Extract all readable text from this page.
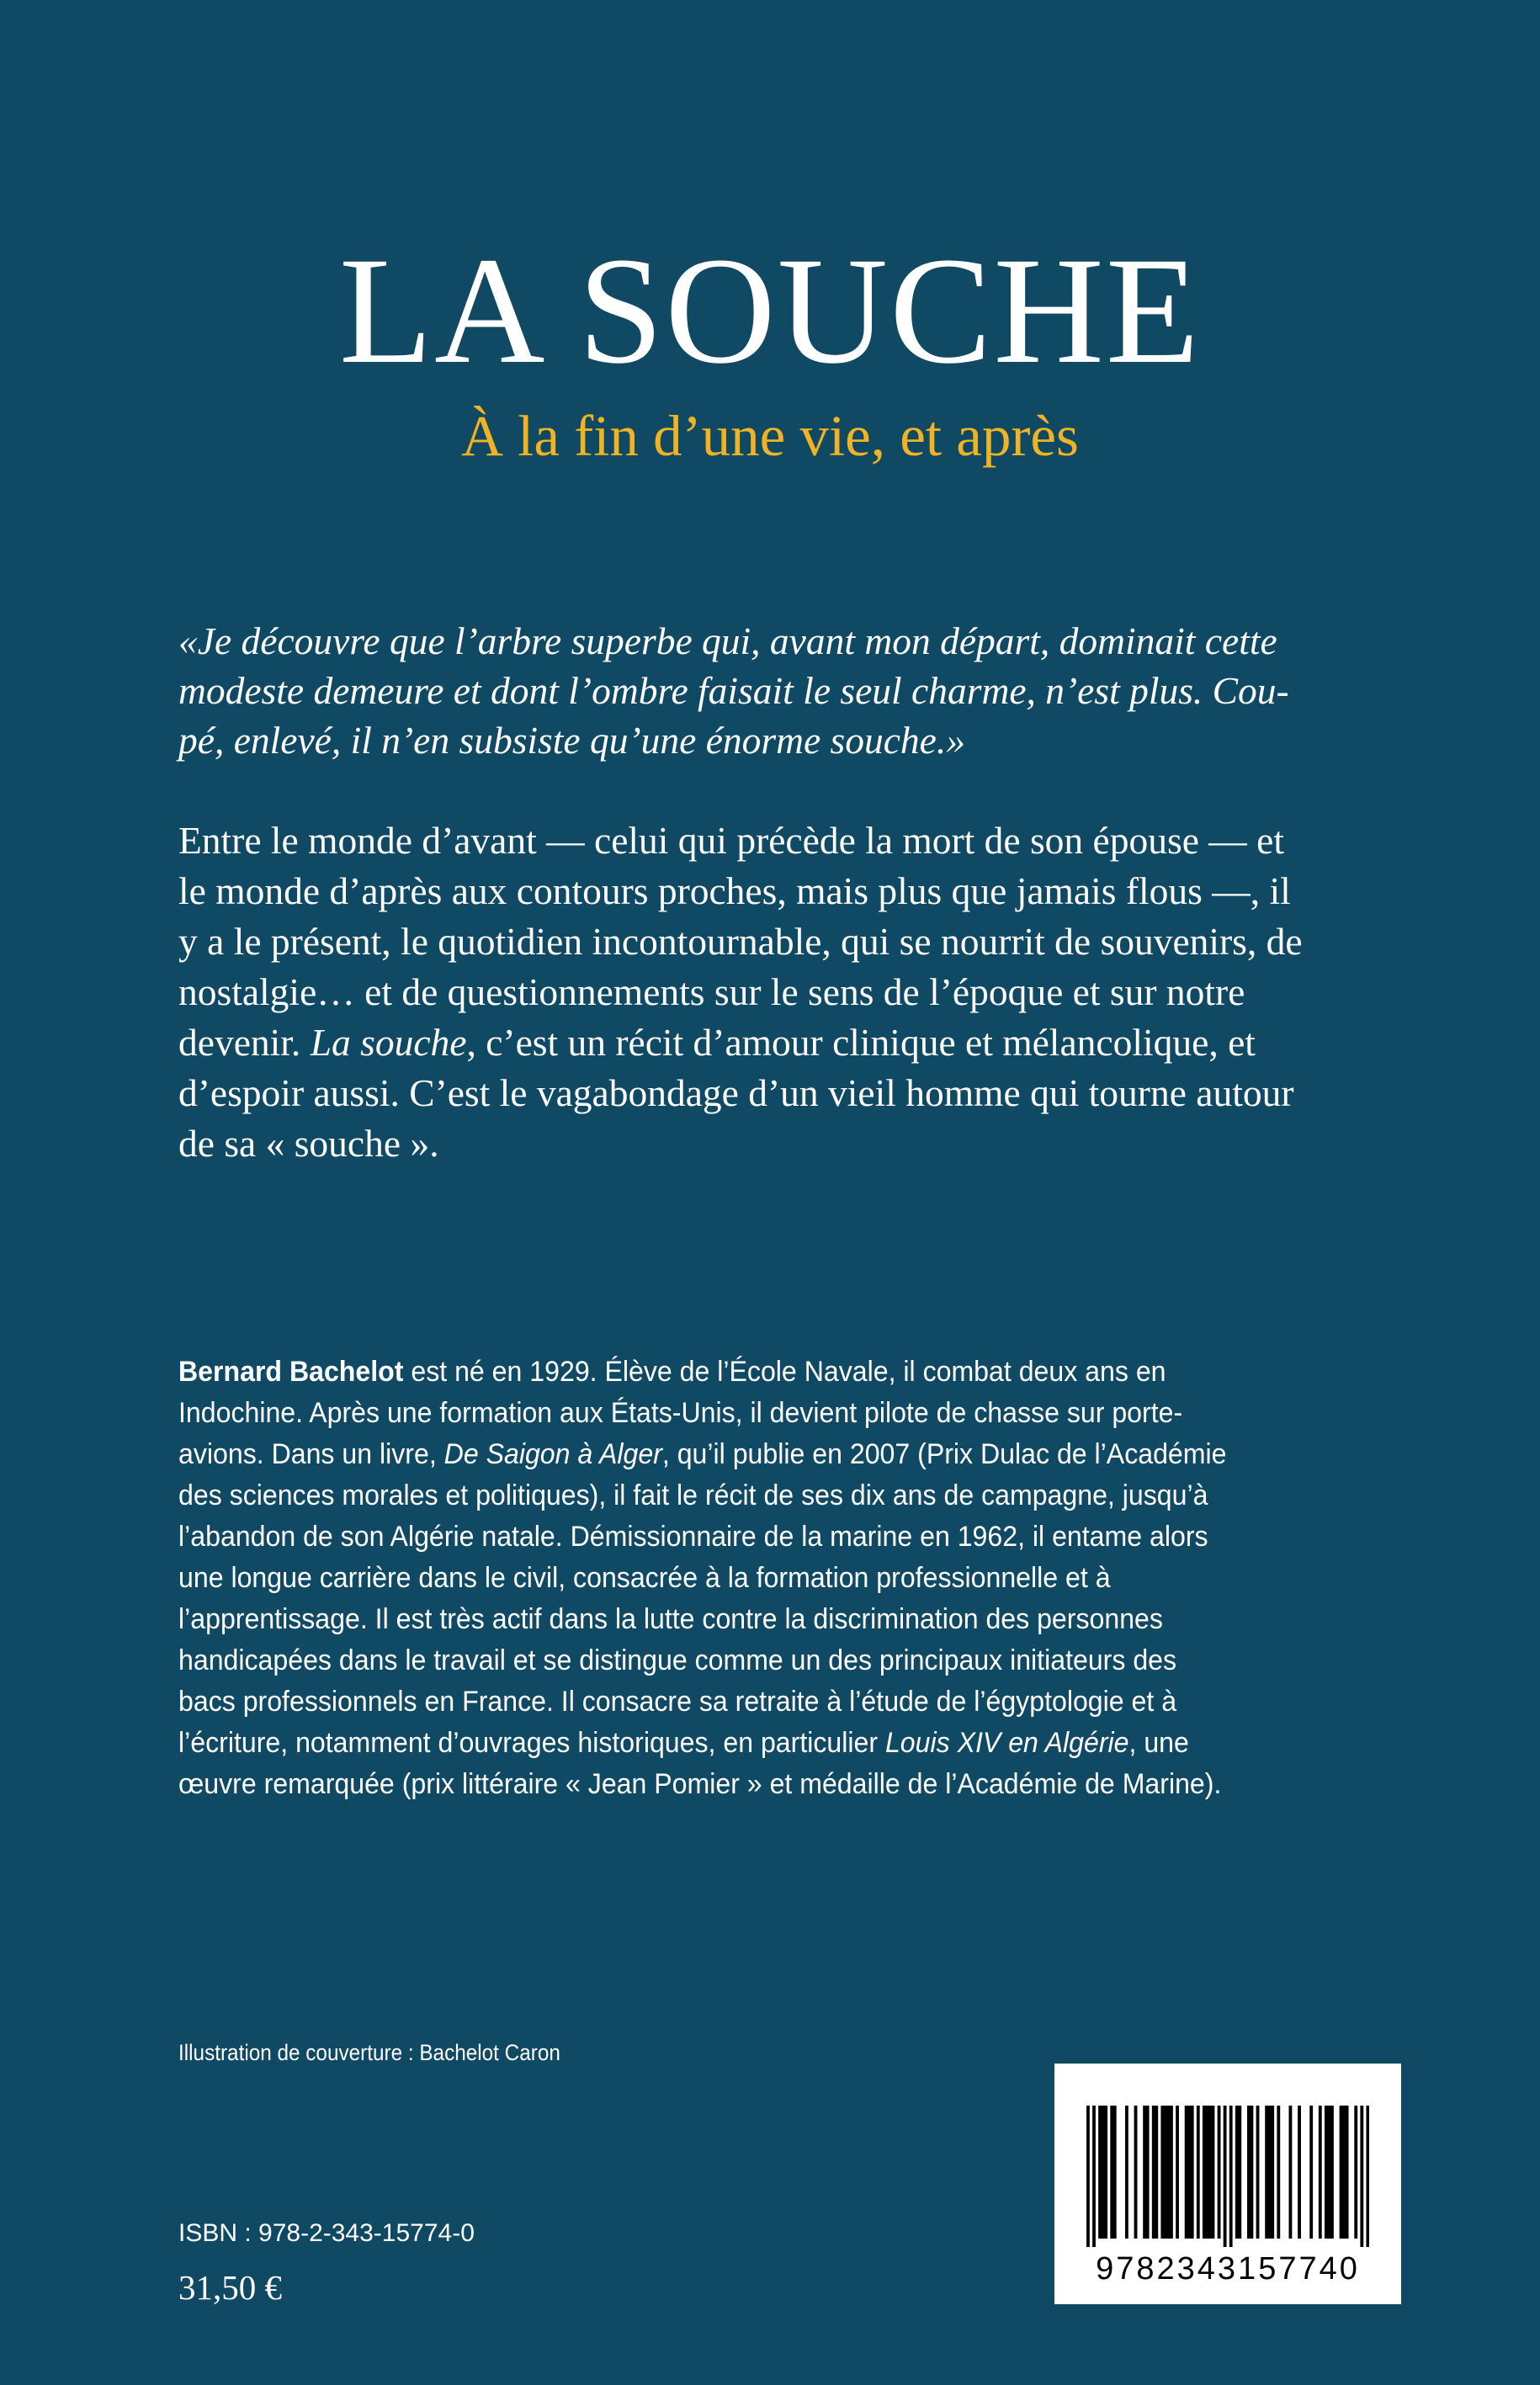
LA SOUCHE
À la fin d’une vie, et après
«Je découvre que l’arbre superbe qui, avant mon départ, dominait cette
modeste demeure et dont l’ombre faisait le seul charme, n’est plus. Cou-
pé, enlevé, il n’en subsiste qu’une énorme souche.»
Entre le monde d’avant — celui qui précède la mort de son épouse — et
le monde d’après aux contours proches, mais plus que jamais flous —, il
y a le présent, le quotidien incontournable, qui se nourrit de souvenirs, de
nostalgie… et de questionnements sur le sens de l’époque et sur notre
devenir. La souche, c’est un récit d’amour clinique et mélancolique, et
d’espoir aussi. C’est le vagabondage d’un vieil homme qui tourne autour
de sa « souche ».
Bernard Bachelot est né en 1929. Élève de l’École Navale, il combat deux ans en
Indochine. Après une formation aux États-Unis, il devient pilote de chasse sur porte-
avions. Dans un livre, De Saigon à Alger, qu’il publie en 2007 (Prix Dulac de l’Académie
des sciences morales et politiques), il fait le récit de ses dix ans de campagne, jusqu’à
l’abandon de son Algérie natale. Démissionnaire de la marine en 1962, il entame alors
une longue carrière dans le civil, consacrée à la formation professionnelle et à
l’apprentissage. Il est très actif dans la lutte contre la discrimination des personnes
handicapées dans le travail et se distingue comme un des principaux initiateurs des
bacs professionnels en France. Il consacre sa retraite à l’étude de l’égyptologie et à
l’écriture, notamment d’ouvrages historiques, en particulier Louis XIV en Algérie, une
œuvre remarquée (prix littéraire « Jean Pomier » et médaille de l’Académie de Marine).
Illustration de couverture : Bachelot Caron
ISBN : 978-2-343-15774-0
31,50 €	9782343157740
